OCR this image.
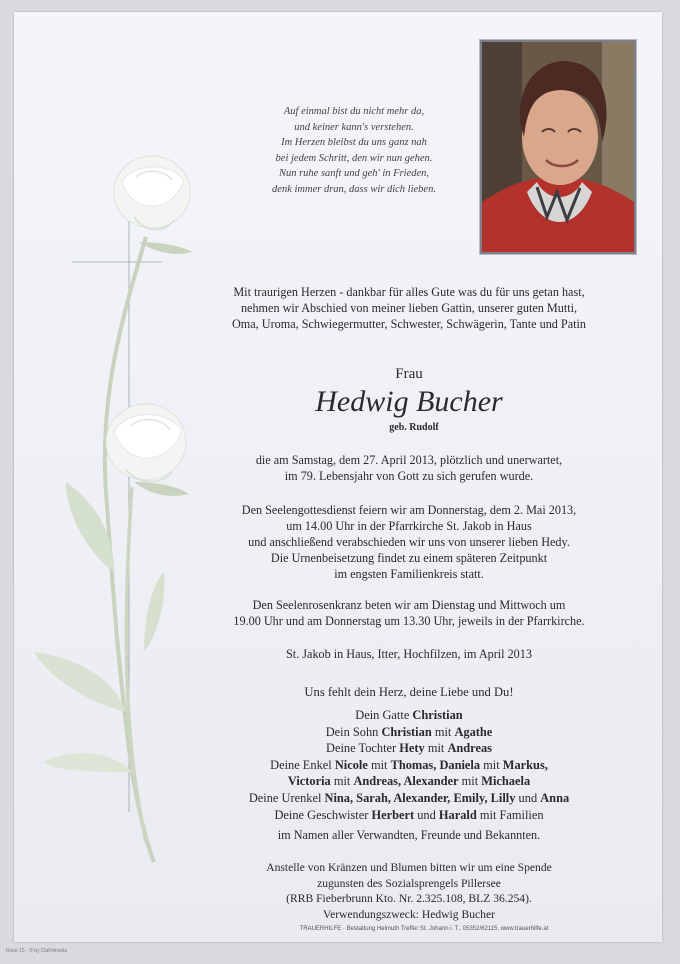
Auf einmal bist du nicht mehr da,
und keiner kann's verstehen.
Im Herzen bleibst du uns ganz nah
bei jedem Schritt, den wir nun gehen.
Nun ruhe sanft und geh' in Frieden,
denk immer dran, dass wir dich lieben.
Mit traurigen Herzen - dankbar für alles Gute was du für uns getan hast,
nehmen wir Abschied von meiner lieben Gattin, unserer guten Mutti,
Oma, Uroma, Schwiegermutter, Schwester, Schwägerin, Tante und Patin
Frau
Hedwig Bucher
geb. Rudolf
die am Samstag, dem 27. April 2013, plötzlich und unerwartet,
im 79. Lebensjahr von Gott zu sich gerufen wurde.
Den Seelengottesdienst feiern wir am Donnerstag, dem 2. Mai 2013,
um 14.00 Uhr in der Pfarrkirche St. Jakob in Haus
und anschließend verabschieden wir uns von unserer lieben Hedy.
Die Urnenbeisetzung findet zu einem späteren Zeitpunkt
im engsten Familienkreis statt.
Den Seelenrosenkranz beten wir am Dienstag und Mittwoch um
19.00 Uhr und am Donnerstag um 13.30 Uhr, jeweils in der Pfarrkirche.
St. Jakob in Haus, Itter, Hochfilzen, im April 2013
Uns fehlt dein Herz, deine Liebe und Du!
Dein Gatte Christian
Dein Sohn Christian mit Agathe
Deine Tochter Hety mit Andreas
Deine Enkel Nicole mit Thomas, Daniela mit Markus,
Victoria mit Andreas, Alexander mit Michaela
Deine Urenkel Nina, Sarah, Alexander, Emily, Lilly und Anna
Deine Geschwister Herbert und Harald mit Familien
im Namen aller Verwandten, Freunde und Bekannten.
Anstelle von Kränzen und Blumen bitten wir um eine Spende
zugunsten des Sozialsprengels Pillersee
(RRB Fieberbrunn Kto. Nr. 2.325.108, BLZ 36.254).
Verwendungszweck: Hedwig Bucher
TRAUERHILFE · Bestattung Helmuth Treffer St. Johann i. T., 05352/62115, www.trauerhilfe.at
Rose 15 · © by ClaFilm/elia
